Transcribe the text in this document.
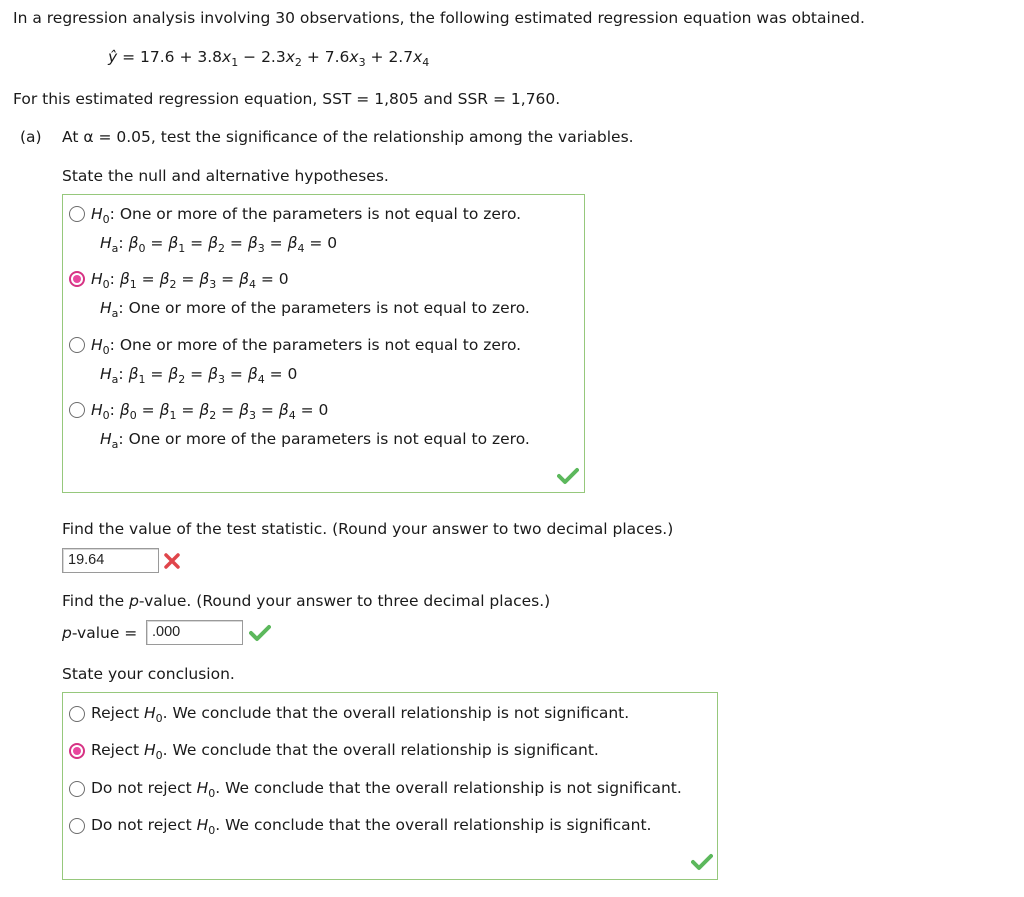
In a regression analysis involving 30 observations, the following estimated regression equation was obtained.
ŷ = $17.6 + 3.8x_1 - 2.3x_2 + 7.6x_3 + 2.7x_4$
For this estimated regression equation, SST = 1,805 and SSR = 1,760.
(a) At α = 0.05, test the significance of the relationship among the variables.
State the null and alternative hypotheses.
$H_0$: One or more of the parameters is not equal to zero.
$H_a$: $\beta_0 = \beta_1 = \beta_2 = \beta_3 = \beta_4 = 0$
$H_0$: $\beta_1 = \beta_2 = \beta_3 = \beta_4 = 0$
$H_a$: One or more of the parameters is not equal to zero.
$H_0$: One or more of the parameters is not equal to zero.
$H_a$: $\beta_1 = \beta_2 = \beta_3 = \beta_4 = 0$
$H_0$: $\beta_0 = \beta_1 = \beta_2 = \beta_3 = \beta_4 = 0$
$H_a$: One or more of the parameters is not equal to zero.
Find the value of the test statistic. (Round your answer to two decimal places.)
19.64
Find the p-value. (Round your answer to three decimal places.)
p-value =	.000
State your conclusion.
Reject $H_0$. We conclude that the overall relationship is not significant.
Reject $H_0$. We conclude that the overall relationship is significant.
Do not reject $H_0$. We conclude that the overall relationship is not significant.
Do not reject $H_0$. We conclude that the overall relationship is significant.
